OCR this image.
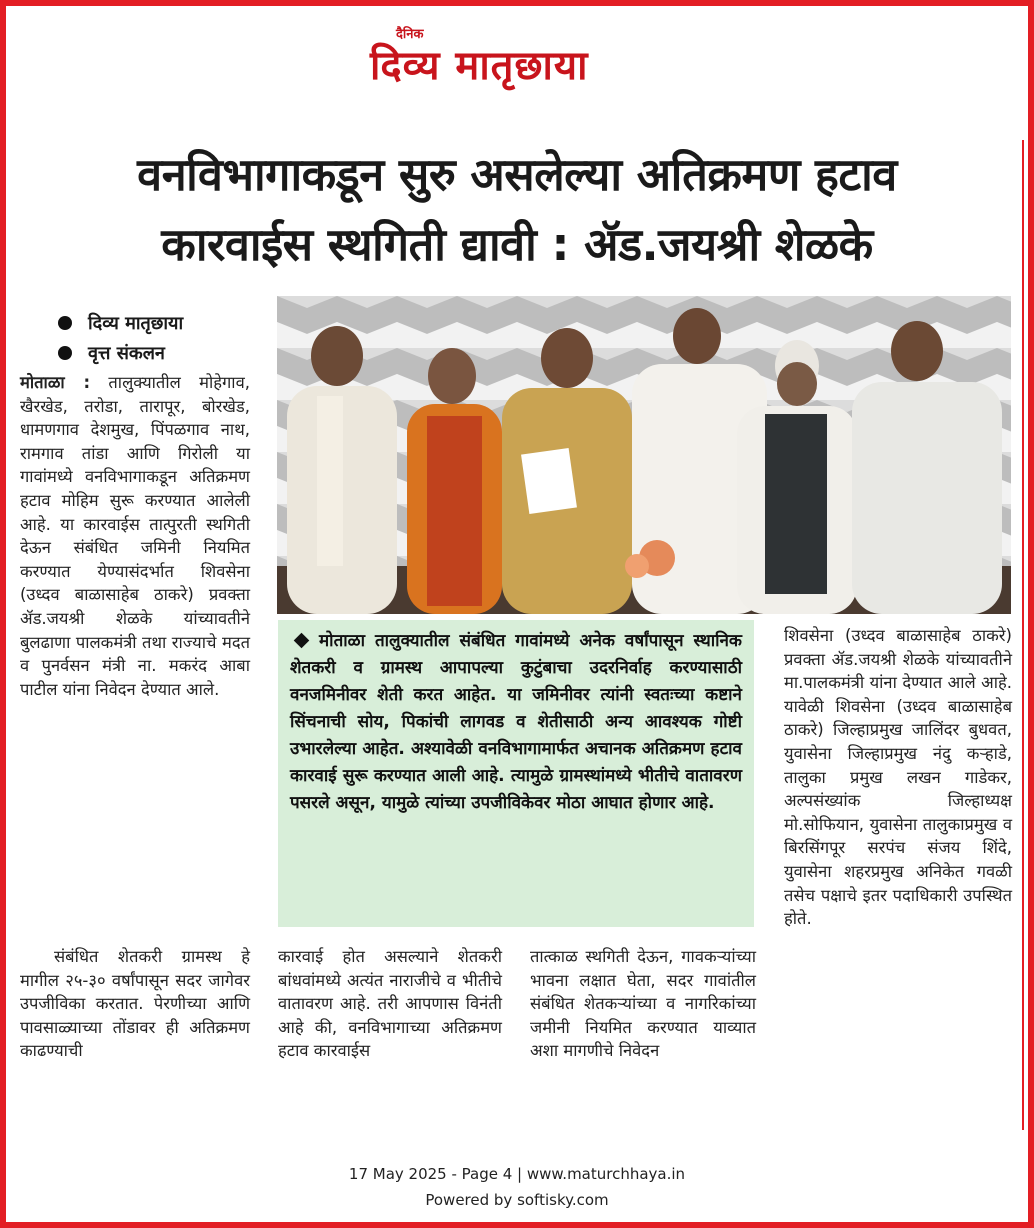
दैनिक
दिव्य मातृछाया
वनविभागाकडून सुरु असलेल्या अतिक्रमण हटाव
कारवाईस स्थगिती द्यावी : ॲड.जयश्री शेळके
दिव्य मातृछाया
वृत्त संकलन

मोताळा : तालुक्यातील मोहेगाव, खैरखेड, तरोडा, तारापूर, बोरखेड, धामणगाव देशमुख, पिंपळगाव नाथ, रामगाव तांडा आणि गिरोली या गावांमध्ये वनविभागाकडून अतिक्रमण हटाव मोहिम सुरू करण्यात आलेली आहे. या कारवाईस तात्पुरती स्थगिती देऊन संबंधित जमिनी नियमित करण्यात येण्यासंदर्भात शिवसेना (उध्दव बाळासाहेब ठाकरे) प्रवक्ता ॲड.जयश्री शेळके यांच्यावतीने बुलढाणा पालकमंत्री तथा राज्याचे मदत व पुनर्वसन मंत्री ना. मकरंद आबा पाटील यांना निवेदन देण्यात आले.

संबंधित शेतकरी ग्रामस्थ हे मागील २५-३० वर्षांपासून सदर जागेवर उपजीविका करतात. पेरणीच्या आणि पावसाळ्याच्या तोंडावर ही अतिक्रमण काढण्याची

कारवाई होत असल्याने शेतकरी बांधवांमध्ये अत्यंत नाराजीचे व भीतीचे वातावरण आहे. तरी आपणास विनंती आहे की, वनविभागाच्या अतिक्रमण हटाव कारवाईस

तात्काळ स्थगिती देऊन, गावकऱ्यांच्या भावना लक्षात घेता, सदर गावांतील संबंधित शेतकऱ्यांच्या व नागरिकांच्या जमीनी नियमित करण्यात याव्यात अशा मागणीचे निवेदन

शिवसेना (उध्दव बाळासाहेब ठाकरे) प्रवक्ता ॲड.जयश्री शेळके यांच्यावतीने मा.पालकमंत्री यांना देण्यात आले आहे. यावेळी शिवसेना (उध्दव बाळासाहेब ठाकरे) जिल्हाप्रमुख जालिंदर बुधवत, युवासेना जिल्हाप्रमुख नंदु कऱ्हाडे, तालुका प्रमुख लखन गाडेकर, अल्पसंख्यांक जिल्हाध्यक्ष मो.सोफियान, युवासेना तालुकाप्रमुख व बिरसिंगपूर सरपंच संजय शिंदे, युवासेना शहरप्रमुख अनिकेत गवळी तसेच पक्षाचे इतर पदाधिकारी उपस्थित होते.

मोताळा तालुक्यातील संबंधित गावांमध्ये अनेक वर्षांपासून स्थानिक शेतकरी व ग्रामस्थ आपापल्या कुटुंबाचा उदरनिर्वाह करण्यासाठी वनजमिनीवर शेती करत आहेत. या जमिनीवर त्यांनी स्वतःच्या कष्टाने सिंचनाची सोय, पिकांची लागवड व शेतीसाठी अन्य आवश्यक गोष्टी उभारलेल्या आहेत. अश्यावेळी वनविभागामार्फत अचानक अतिक्रमण हटाव कारवाई सुरू करण्यात आली आहे. त्यामुळे ग्रामस्थांमध्ये भीतीचे वातावरण पसरले असून, यामुळे त्यांच्या उपजीविकेवर मोठा आघात होणार आहे.
17 May 2025 - Page 4 | www.maturchhaya.in
Powered by softisky.com
